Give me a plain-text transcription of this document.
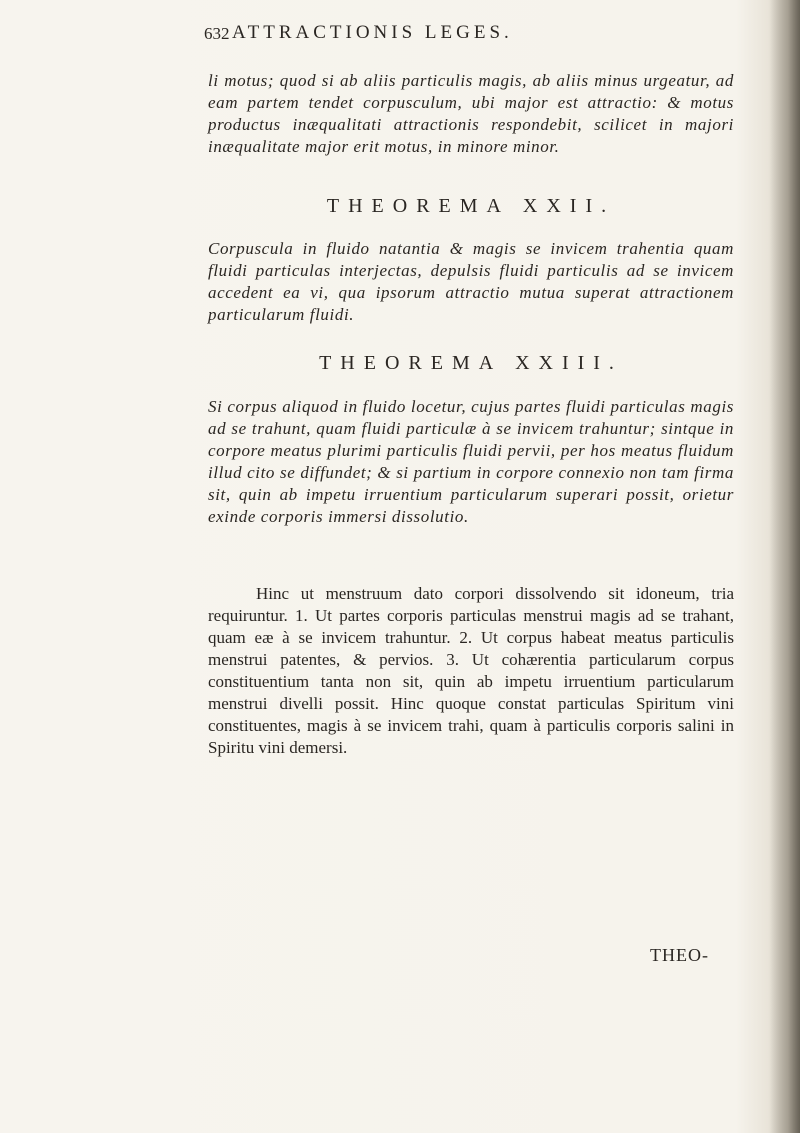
632 ATTRACTIONIS LEGES.
li motus; quod si ab aliis particulis magis, ab aliis minus urgeatur, ad eam partem tendet corpusculum, ubi major est attractio: & motus productus inæqualitati attractionis respondebit, scilicet in majori inæqualitate major erit motus, in minore minor.
THEOREMA XXII.
Corpuscula in fluido natantia & magis se invicem trahentia quam fluidi particulas interjectas, depulsis fluidi particulis ad se invicem accedent ea vi, qua ipsorum attractio mutua superat attractionem particularum fluidi.
THEOREMA XXIII.
Si corpus aliquod in fluido locetur, cujus partes fluidi particulas magis ad se trahunt, quam fluidi particulæ à se invicem trahuntur; sintque in corpore meatus plurimi particulis fluidi pervii, per hos meatus fluidum illud cito se diffundet; & si partium in corpore connexio non tam firma sit, quin ab impetu irruentium particularum superari possit, orietur exinde corporis immersi dissolutio.
Hinc ut menstruum dato corpori dissolvendo sit idoneum, tria requiruntur. 1. Ut partes corporis particulas menstrui magis ad se trahant, quam eæ à se invicem trahuntur. 2. Ut corpus habeat meatus particulis menstrui patentes, & pervios. 3. Ut cohærentia particularum corpus constituentium tanta non sit, quin ab impetu irruentium particularum menstrui divelli possit. Hinc quoque constat particulas Spiritum vini constituentes, magis à se invicem trahi, quam à particulis corporis salini in Spiritu vini demersi.
THEO-
